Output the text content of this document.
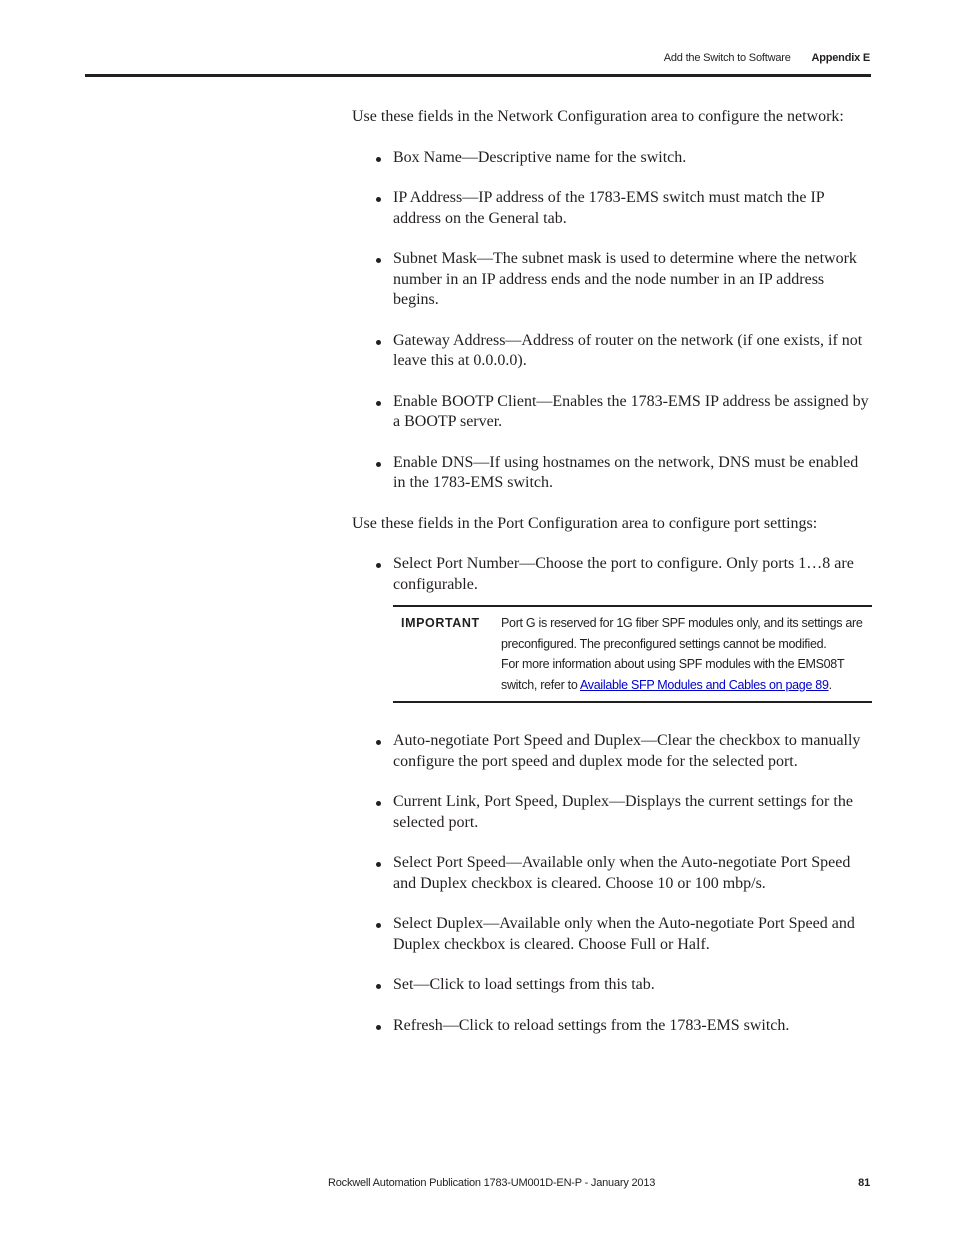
Add the Switch to Software Appendix E

Use these fields in the Network Configuration area to configure the network:

Box Name—Descriptive name for the switch.
IP Address—IP address of the 1783-EMS switch must match the IP address on the General tab.
Subnet Mask—The subnet mask is used to determine where the network number in an IP address ends and the node number in an IP address begins.
Gateway Address—Address of router on the network (if one exists, if not leave this at 0.0.0.0).
Enable BOOTP Client—Enables the 1783-EMS IP address be assigned by a BOOTP server.
Enable DNS—If using hostnames on the network, DNS must be enabled in the 1783-EMS switch.

Use these fields in the Port Configuration area to configure port settings:

Select Port Number—Choose the port to configure. Only ports 1…8 are configurable.
IMPORTANT	Port G is reserved for 1G fiber SPF modules only, and its settings are preconfigured. The preconfigured settings cannot be modified.
For more information about using SPF modules with the EMS08T switch, refer to Available SFP Modules and Cables on page 89.
Auto-negotiate Port Speed and Duplex—Clear the checkbox to manually configure the port speed and duplex mode for the selected port.
Current Link, Port Speed, Duplex—Displays the current settings for the selected port.
Select Port Speed—Available only when the Auto-negotiate Port Speed and Duplex checkbox is cleared. Choose 10 or 100 mbp/s.
Select Duplex—Available only when the Auto-negotiate Port Speed and Duplex checkbox is cleared. Choose Full or Half.
Set—Click to load settings from this tab.
Refresh—Click to reload settings from the 1783-EMS switch.
Rockwell Automation Publication 1783-UM001D-EN-P - January 2013	81
